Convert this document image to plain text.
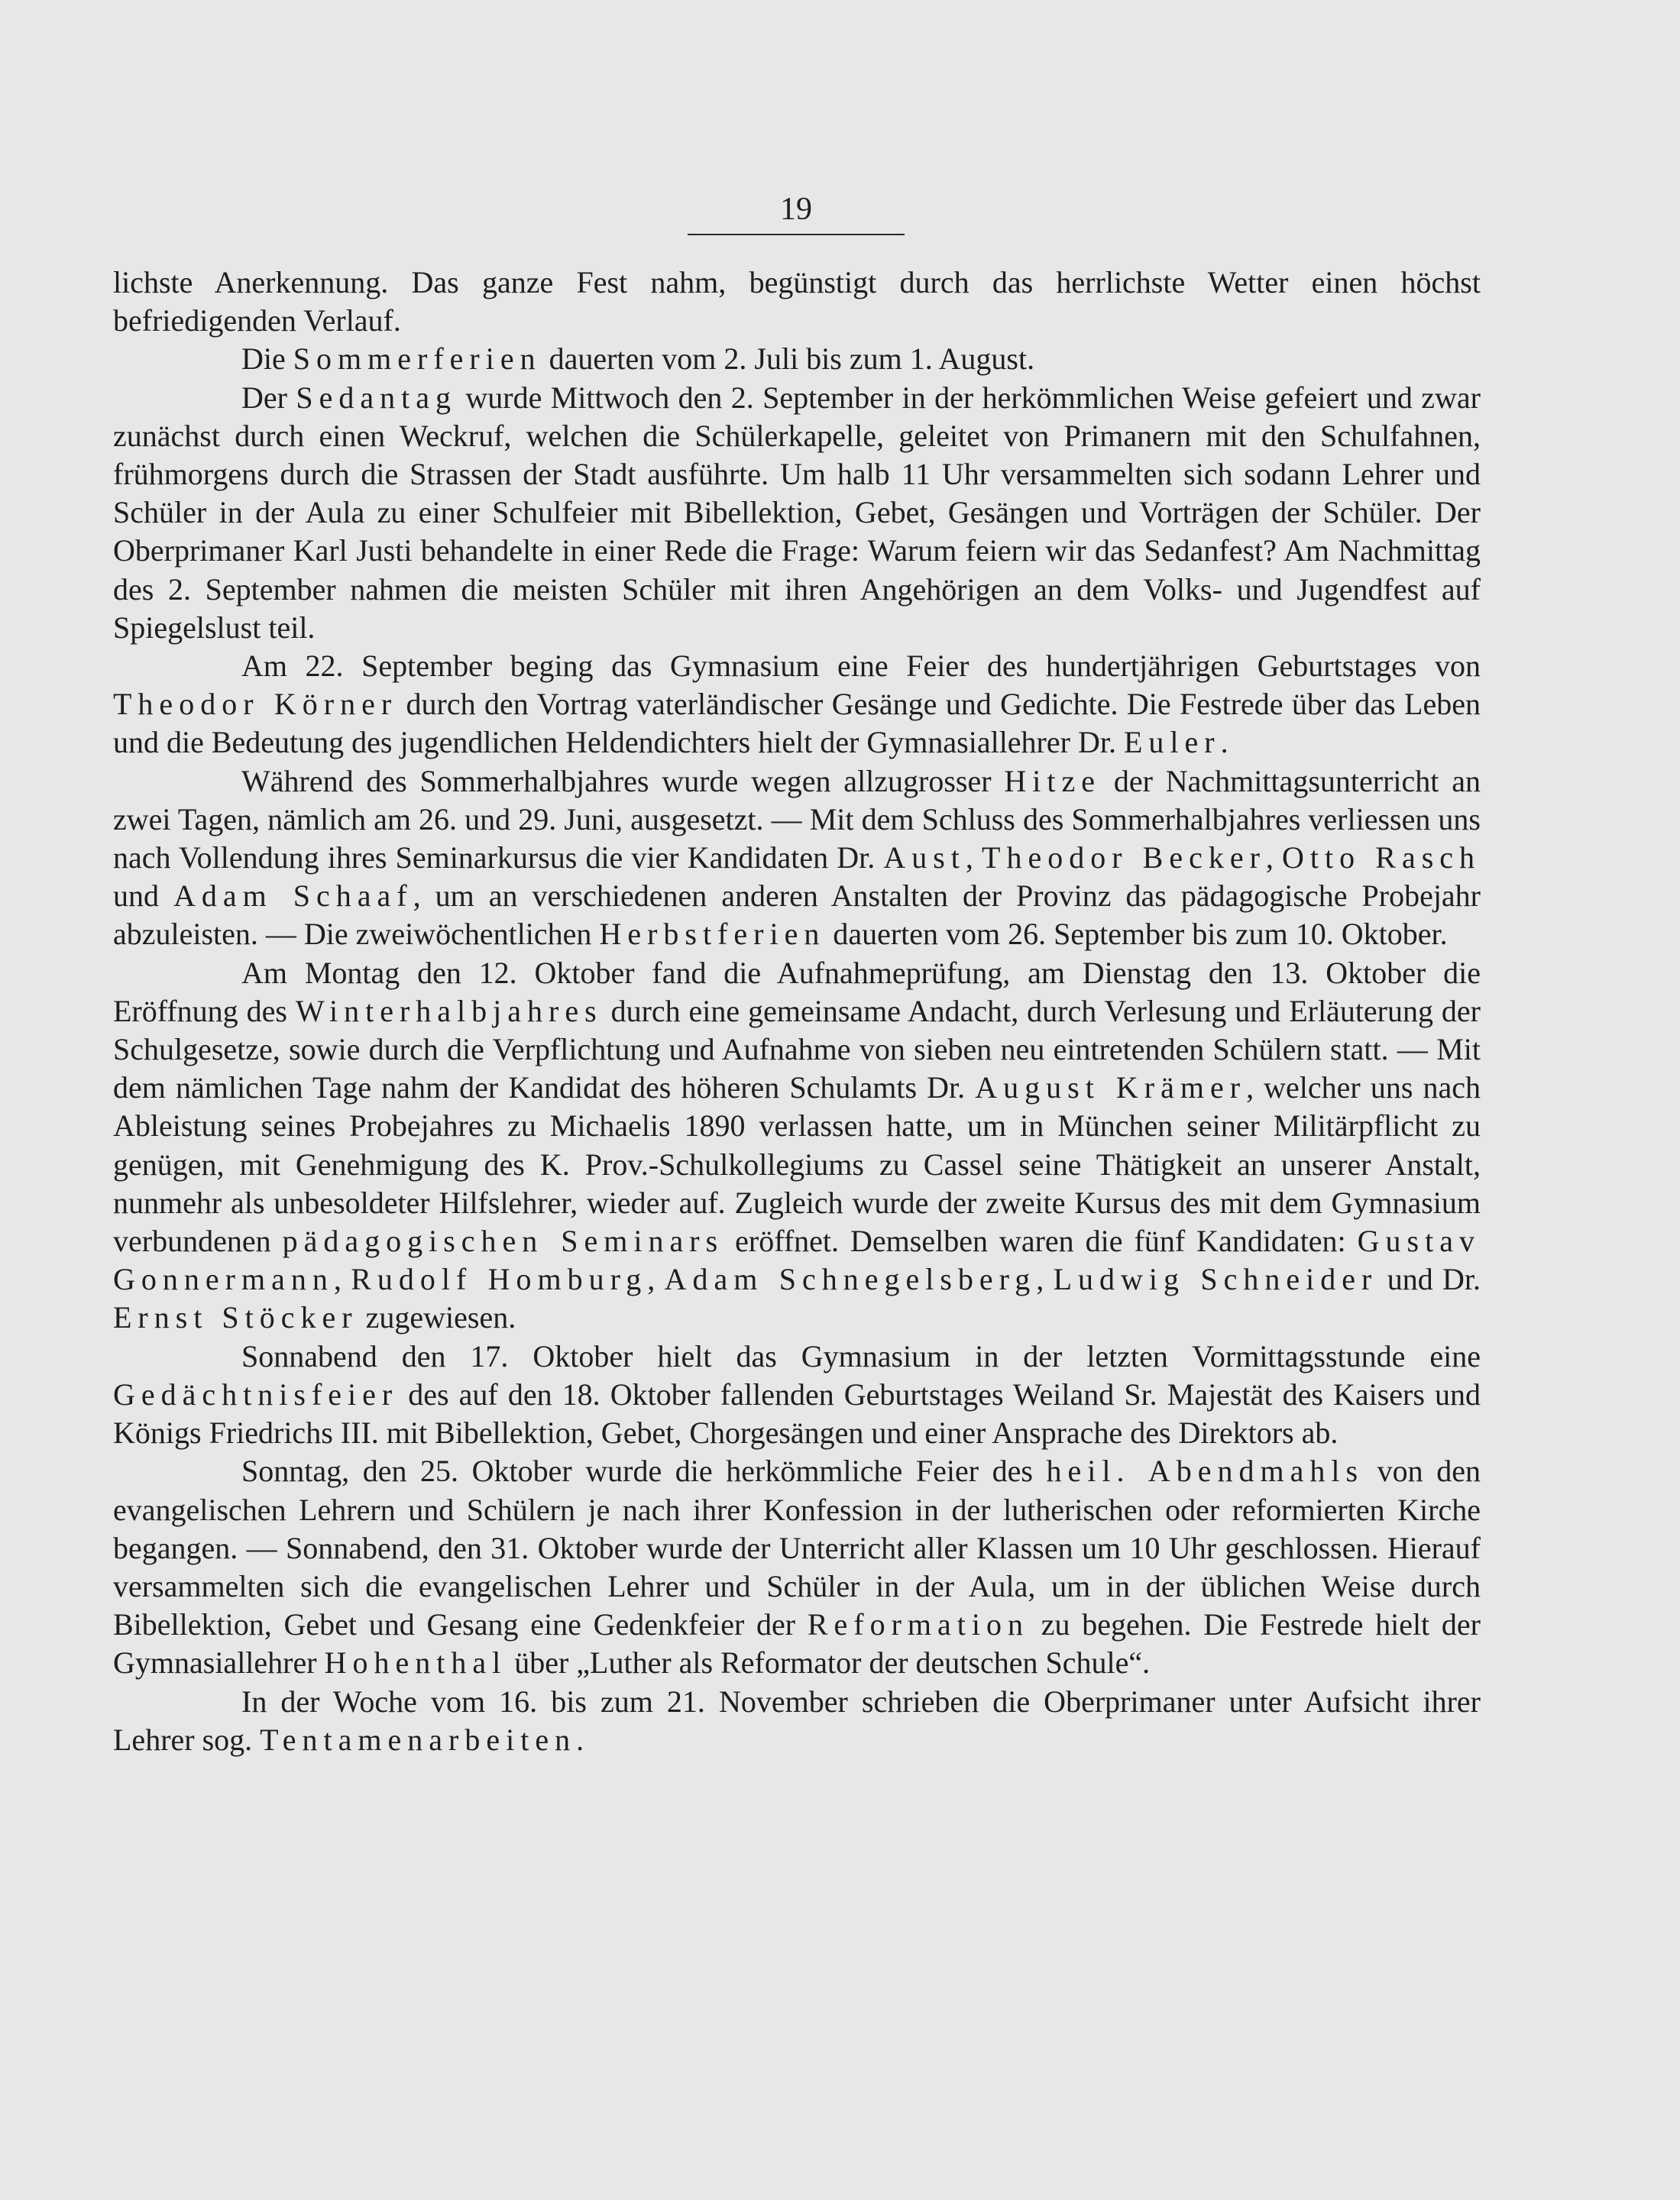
19

lichste Anerkennung. Das ganze Fest nahm, begünstigt durch das herrlichste Wetter einen höchst befriedigenden Verlauf.

Die Sommerferien dauerten vom 2. Juli bis zum 1. August.

Der Sedantag wurde Mittwoch den 2. September in der herkömmlichen Weise gefeiert und zwar zunächst durch einen Weckruf, welchen die Schülerkapelle, geleitet von Primanern mit den Schulfahnen, frühmorgens durch die Strassen der Stadt ausführte. Um halb 11 Uhr versammelten sich sodann Lehrer und Schüler in der Aula zu einer Schulfeier mit Bibellektion, Gebet, Gesängen und Vorträgen der Schüler. Der Oberprimaner Karl Justi behandelte in einer Rede die Frage: Warum feiern wir das Sedanfest? Am Nachmittag des 2. September nahmen die meisten Schüler mit ihren Angehörigen an dem Volks- und Jugendfest auf Spiegelslust teil.

Am 22. September beging das Gymnasium eine Feier des hundertjährigen Geburtstages von Theodor Körner durch den Vortrag vaterländischer Gesänge und Gedichte. Die Festrede über das Leben und die Bedeutung des jugendlichen Heldendichters hielt der Gymnasiallehrer Dr. Euler.

Während des Sommerhalbjahres wurde wegen allzugrosser Hitze der Nachmittagsunterricht an zwei Tagen, nämlich am 26. und 29. Juni, ausgesetzt. — Mit dem Schluss des Sommerhalbjahres verliessen uns nach Vollendung ihres Seminarkursus die vier Kandidaten Dr. Aust, Theodor Becker, Otto Rasch und Adam Schaaf, um an verschiedenen anderen Anstalten der Provinz das pädagogische Probejahr abzuleisten. — Die zweiwöchentlichen Herbstferien dauerten vom 26. September bis zum 10. Oktober.

Am Montag den 12. Oktober fand die Aufnahmeprüfung, am Dienstag den 13. Oktober die Eröffnung des Winterhalbjahres durch eine gemeinsame Andacht, durch Verlesung und Erläuterung der Schulgesetze, sowie durch die Verpflichtung und Aufnahme von sieben neu eintretenden Schülern statt. — Mit dem nämlichen Tage nahm der Kandidat des höheren Schulamts Dr. August Krämer, welcher uns nach Ableistung seines Probejahres zu Michaelis 1890 verlassen hatte, um in München seiner Militärpflicht zu genügen, mit Genehmigung des K. Prov.-Schulkollegiums zu Cassel seine Thätigkeit an unserer Anstalt, nunmehr als unbesoldeter Hilfslehrer, wieder auf. Zugleich wurde der zweite Kursus des mit dem Gymnasium verbundenen pädagogischen Seminars eröffnet. Demselben waren die fünf Kandidaten: Gustav Gonnermann, Rudolf Homburg, Adam Schnegelsberg, Ludwig Schneider und Dr. Ernst Stöcker zugewiesen.

Sonnabend den 17. Oktober hielt das Gymnasium in der letzten Vormittagsstunde eine Gedächtnisfeier des auf den 18. Oktober fallenden Geburtstages Weiland Sr. Majestät des Kaisers und Königs Friedrichs III. mit Bibellektion, Gebet, Chorgesängen und einer Ansprache des Direktors ab.

Sonntag, den 25. Oktober wurde die herkömmliche Feier des heil. Abendmahls von den evangelischen Lehrern und Schülern je nach ihrer Konfession in der lutherischen oder reformierten Kirche begangen. — Sonnabend, den 31. Oktober wurde der Unterricht aller Klassen um 10 Uhr geschlossen. Hierauf versammelten sich die evangelischen Lehrer und Schüler in der Aula, um in der üblichen Weise durch Bibellektion, Gebet und Gesang eine Gedenkfeier der Reformation zu begehen. Die Festrede hielt der Gymnasiallehrer Hohenthal über „Luther als Reformator der deutschen Schule“.

In der Woche vom 16. bis zum 21. November schrieben die Oberprimaner unter Aufsicht ihrer Lehrer sog. Tentamenarbeiten.
